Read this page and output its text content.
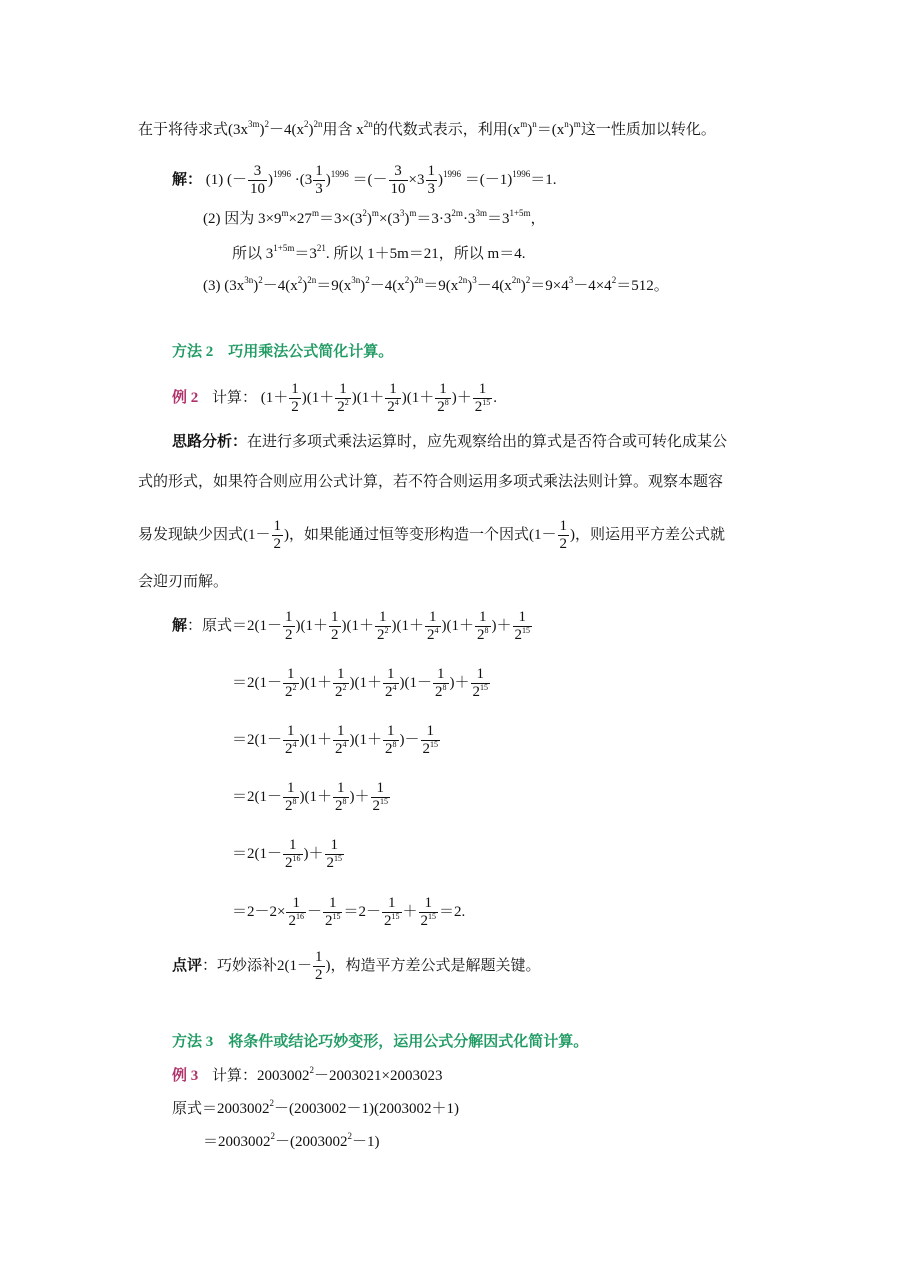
在于将待求式$(3x^{3m})^2-4(x^2)^{2n}$用含 $x^{2n}$的代数式表示，利用$(x^m)^n=(x^n)^m$这一性质加以转化。
解： (1) (－ $\frac{3}{10} )^{1996} \cdot(3 \frac{1}{3} )^{1996}$ ＝(－ $\frac{3}{10} \times 3 \frac{1}{3} )^{1996} =(-1)^{1996}=1$.
(2) 因为 $3\times 9^m\times 27^m=3\times(3^2)^m\times(3^3)^m=3\cdot 3^{2m}\cdot 3^{3m}=3^{1+5m}$，
所以 $3^{1+5m}=3^{21}$. 所以 1＋5m＝21，所以 m＝4.
(3) $(3x^{3n})^2-4(x^2)^{2n}=9(x^{3n})^2-4(x^2)^{2n}=9(x^{2n})^3-4(x^{2n})^2=9\times 4^3-4\times 4^2=512$。
方法 2　巧用乘法公式简化计算。
例 2 计算： $(1+ \frac{1}{2} )(1+ \frac{1}{2^2} )(1+ \frac{1}{2^4} )(1+ \frac{1}{2^8}$ )＋ $\frac{1}{2^{15}}$ .
思路分析：在进行多项式乘法运算时，应先观察给出的算式是否符合或可转化成某公
式的形式，如果符合则应用公式计算，若不符合则运用多项式乘法法则计算。观察本题容
易发现缺少因式($1- \frac{1}{2}$ )，如果能通过恒等变形构造一个因式($1- \frac{1}{2}$ )，则运用平方差公式就
会迎刃而解。
解：原式$=2(1- \frac{1}{2} )(1+ \frac{1}{2} )(1+ \frac{1}{2^2} )(1+ \frac{1}{2^4} )(1+ \frac{1}{2^8}$ )＋ $\frac{1}{2^{15}}$
$=2(1- \frac{1}{2^2} )(1+ \frac{1}{2^2} )(1+ \frac{1}{2^4} )(1- \frac{1}{2^8}$ )＋ $\frac{1}{2^{15}}$
$=2(1- \frac{1}{2^4} )(1+ \frac{1}{2^4} )(1+ \frac{1}{2^8}$ )－ $\frac{1}{2^{15}}$
$=2(1- \frac{1}{2^8} )(1+ \frac{1}{2^8}$ )＋ $\frac{1}{2^{15}}$
$=2(1- \frac{1}{2^{16}}$ )＋ $\frac{1}{2^{15}}$
$=2-2\times \frac{1}{2^{16}} - \frac{1}{2^{15}} =2- \frac{1}{2^{15}} + \frac{1}{2^{15}} =2$.
点评：巧妙添补$2(1- \frac{1}{2}$ )，构造平方差公式是解题关键。
方法 3　将条件或结论巧妙变形，运用公式分解因式化简计算。
例 3 计算：$2003002^2-2003021\times 2003023$
原式$=2003002^2-(2003002-1)(2003002+1)$
$=2003002^2-(2003002^2-1)$
